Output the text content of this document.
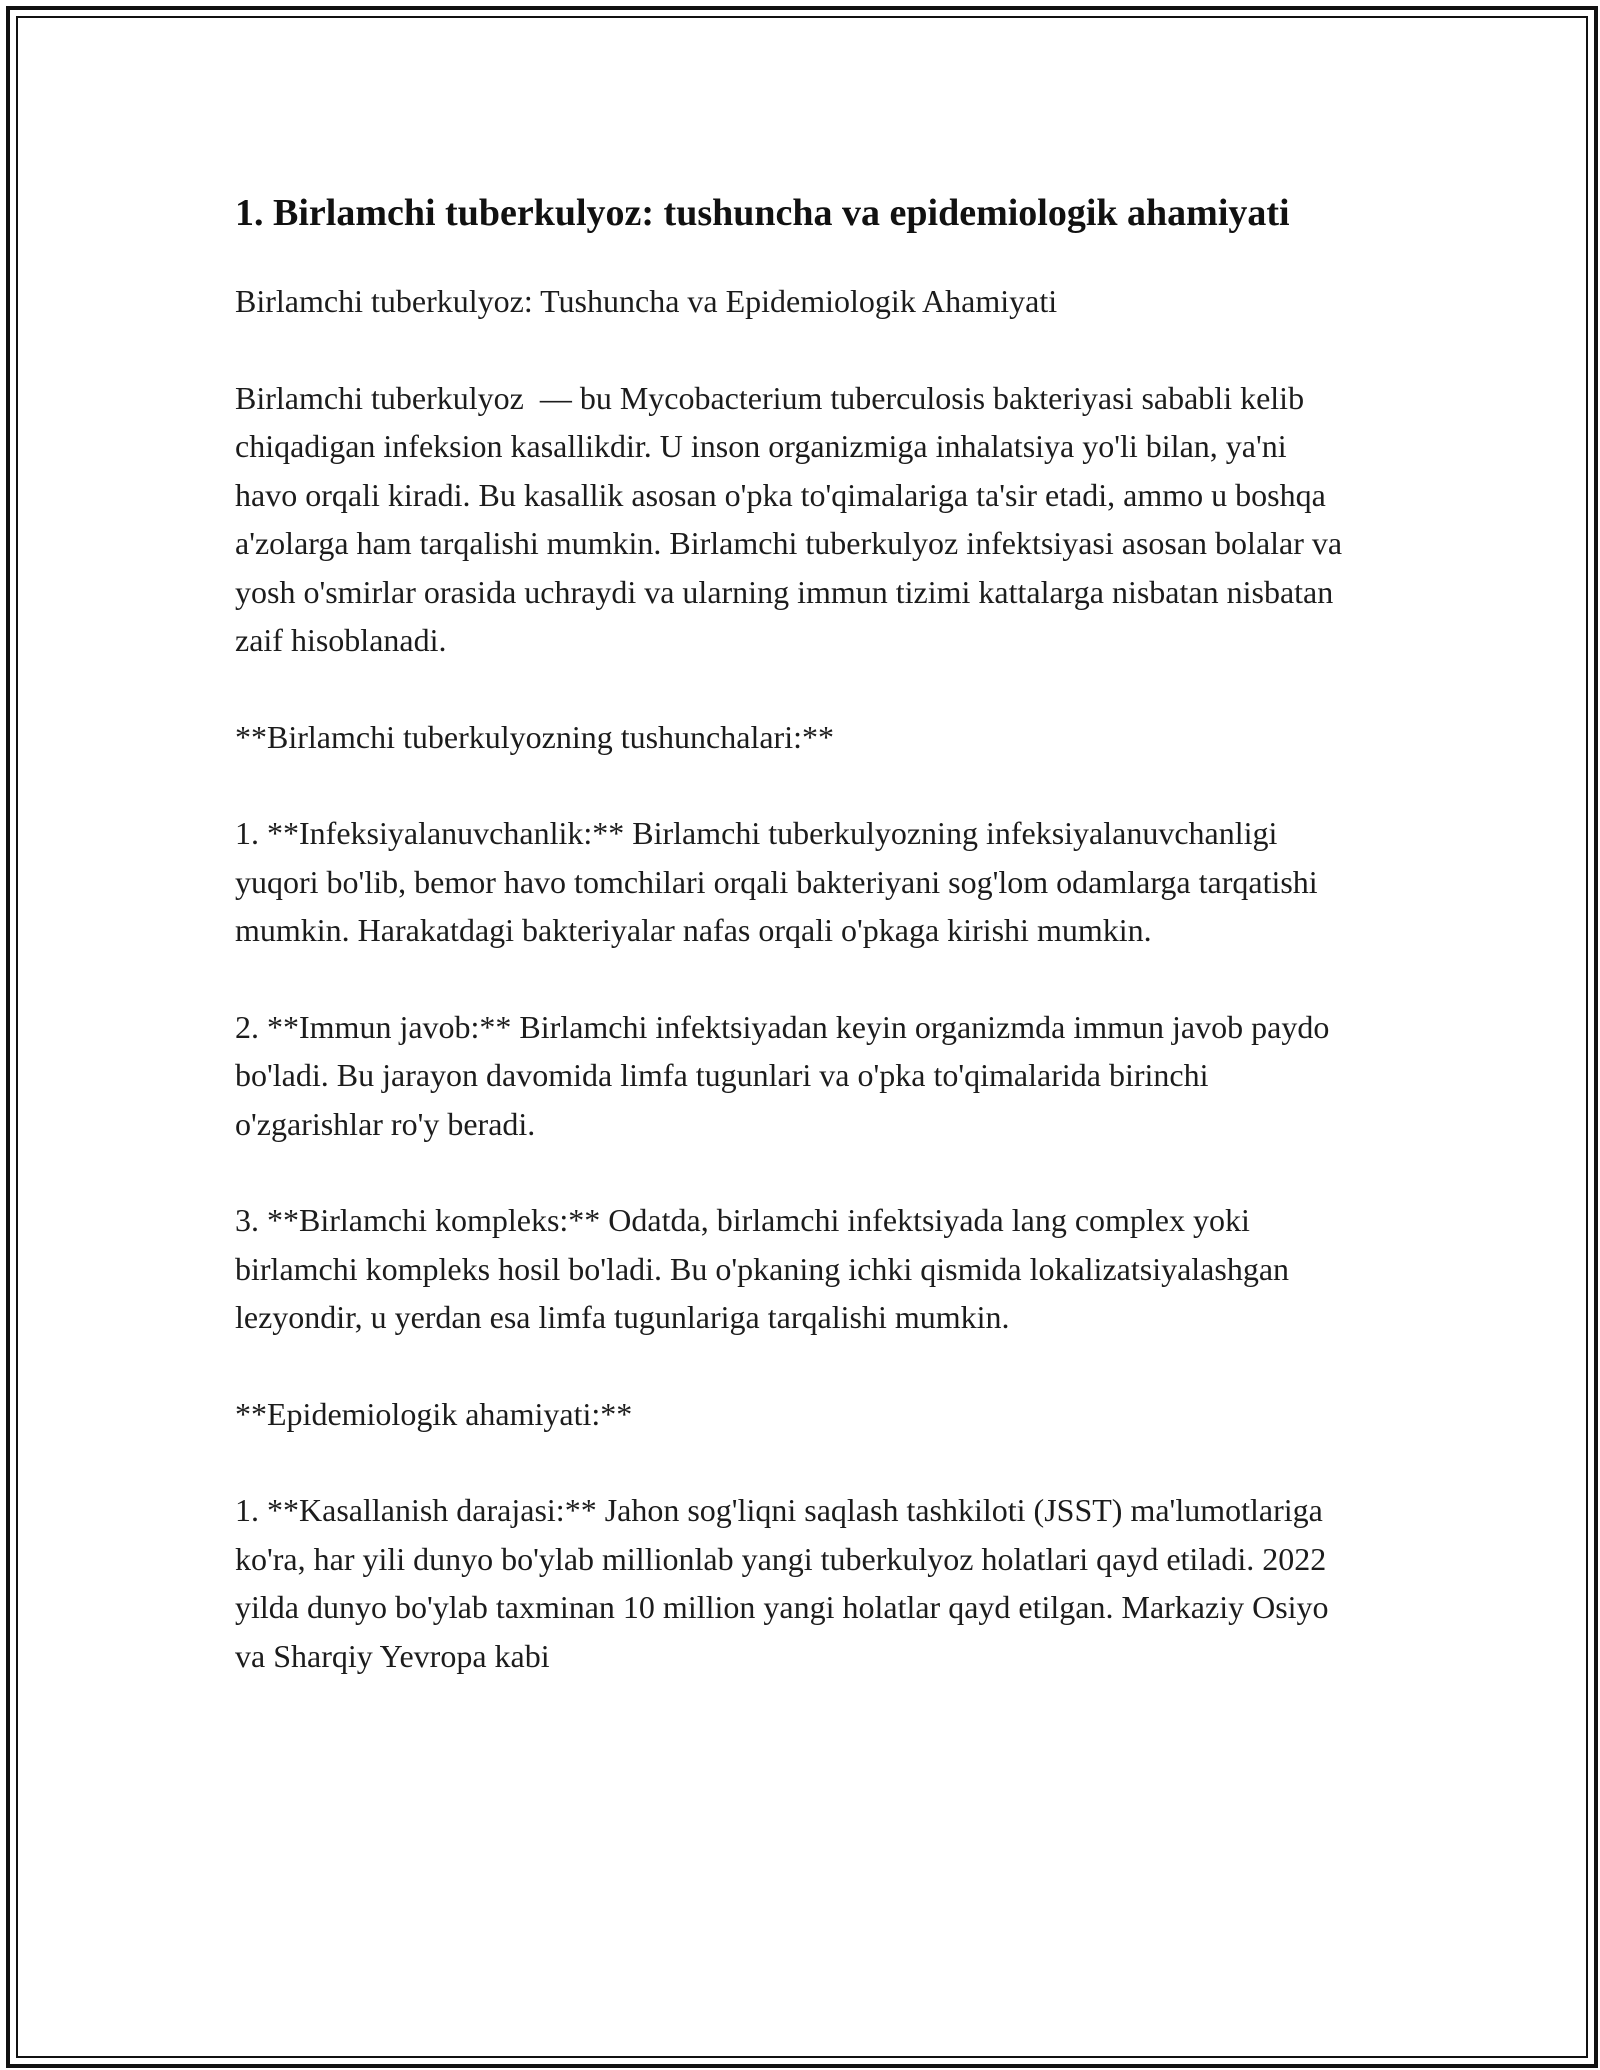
1. Birlamchi tuberkulyoz: tushuncha va epidemiologik ahamiyati

Birlamchi tuberkulyoz: Tushuncha va Epidemiologik Ahamiyati

Birlamchi tuberkulyoz  — bu Mycobacterium tuberculosis bakteriyasi sababli kelib chiqadigan infeksion kasallikdir. U inson organizmiga inhalatsiya yo'li bilan, ya'ni havo orqali kiradi. Bu kasallik asosan o'pka to'qimalariga ta'sir etadi, ammo u boshqa a'zolarga ham tarqalishi mumkin. Birlamchi tuberkulyoz infektsiyasi asosan bolalar va yosh o'smirlar orasida uchraydi va ularning immun tizimi kattalarga nisbatan nisbatan zaif hisoblanadi.

**Birlamchi tuberkulyozning tushunchalari:**

1. **Infeksiyalanuvchanlik:** Birlamchi tuberkulyozning infeksiyalanuvchanligi yuqori bo'lib, bemor havo tomchilari orqali bakteriyani sog'lom odamlarga tarqatishi mumkin. Harakatdagi bakteriyalar nafas orqali o'pkaga kirishi mumkin.

2. **Immun javob:** Birlamchi infektsiyadan keyin organizmda immun javob paydo bo'ladi. Bu jarayon davomida limfa tugunlari va o'pka to'qimalarida birinchi o'zgarishlar ro'y beradi.

3. **Birlamchi kompleks:** Odatda, birlamchi infektsiyada lang complex yoki birlamchi kompleks hosil bo'ladi. Bu o'pkaning ichki qismida lokalizatsiyalashgan lezyondir, u yerdan esa limfa tugunlariga tarqalishi mumkin.

**Epidemiologik ahamiyati:**

1. **Kasallanish darajasi:** Jahon sog'liqni saqlash tashkiloti (JSST) ma'lumotlariga ko'ra, har yili dunyo bo'ylab millionlab yangi tuberkulyoz holatlari qayd etiladi. 2022 yilda dunyo bo'ylab taxminan 10 million yangi holatlar qayd etilgan. Markaziy Osiyo va Sharqiy Yevropa kabi
